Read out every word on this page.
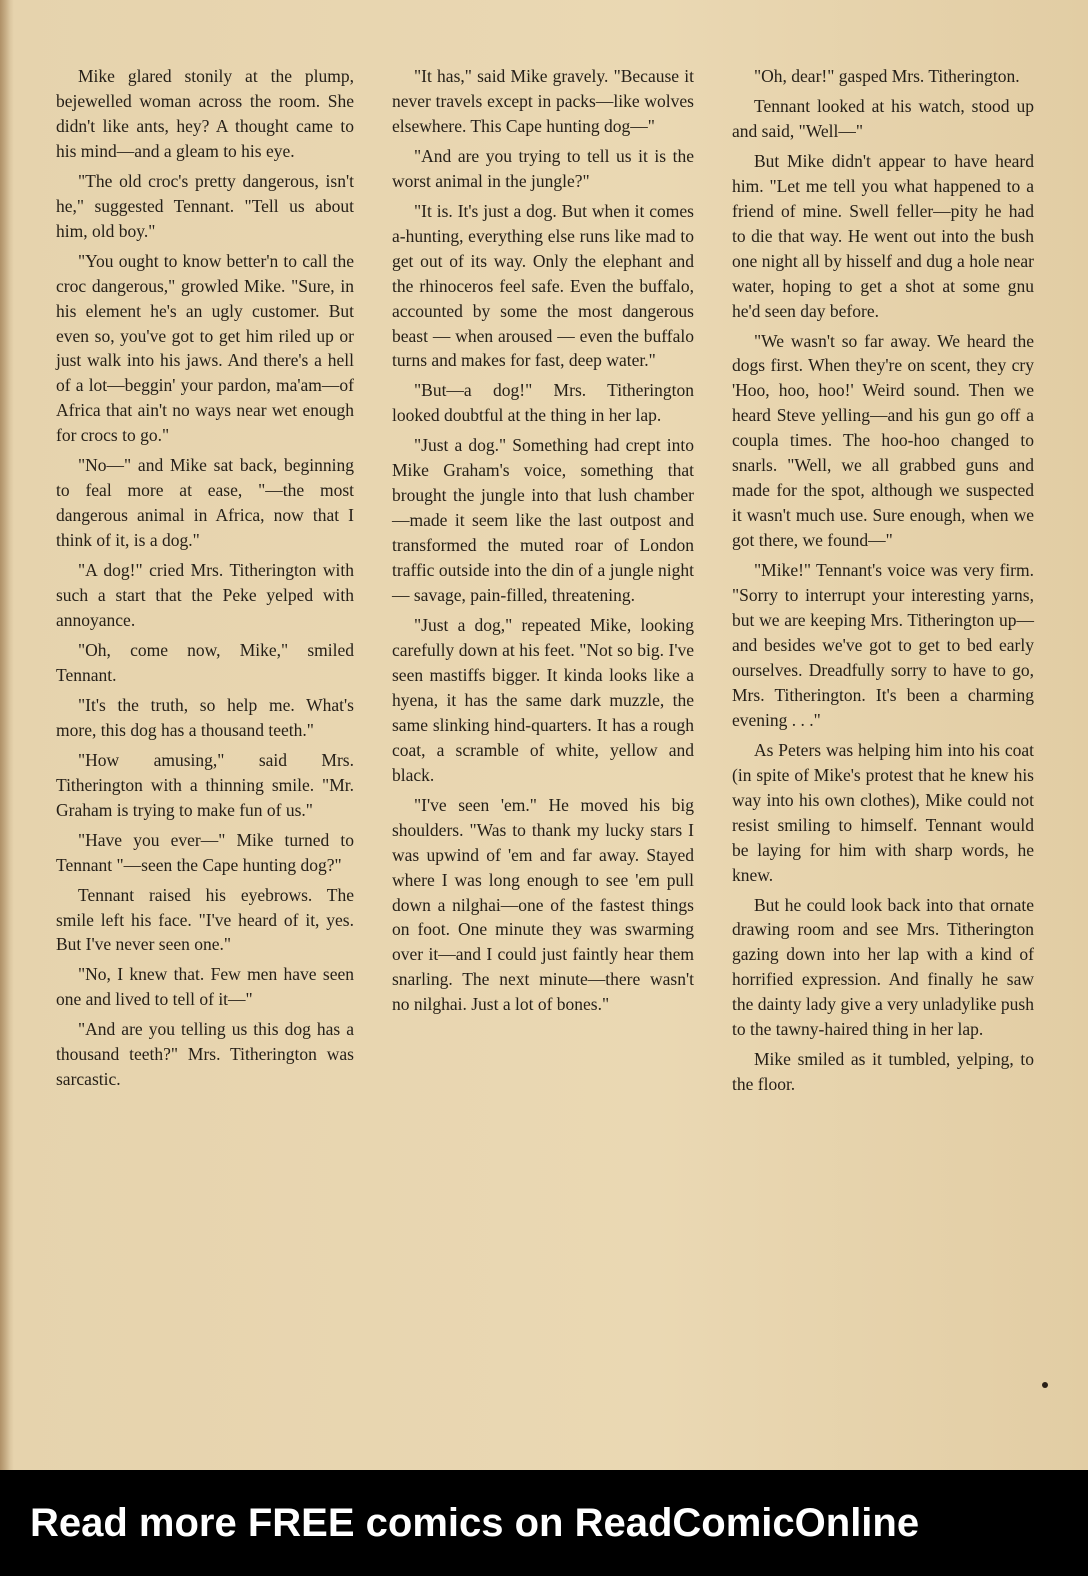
Mike glared stonily at the plump, bejewelled woman across the room. She didn't like ants, hey? A thought came to his mind—and a gleam to his eye.

"The old croc's pretty dangerous, isn't he," suggested Tennant. "Tell us about him, old boy."

"You ought to know better'n to call the croc dangerous," growled Mike. "Sure, in his element he's an ugly customer. But even so, you've got to get him riled up or just walk into his jaws. And there's a hell of a lot—beggin' your pardon, ma'am—of Africa that ain't no ways near wet enough for crocs to go."

"No—" and Mike sat back, beginning to feal more at ease, "—the most dangerous animal in Africa, now that I think of it, is a dog."

"A dog!" cried Mrs. Titherington with such a start that the Peke yelped with annoyance.

"Oh, come now, Mike," smiled Tennant.

"It's the truth, so help me. What's more, this dog has a thousand teeth."

"How amusing," said Mrs. Titherington with a thinning smile. "Mr. Graham is trying to make fun of us."

"Have you ever—" Mike turned to Tennant "—seen the Cape hunting dog?"

Tennant raised his eyebrows. The smile left his face. "I've heard of it, yes. But I've never seen one."

"No, I knew that. Few men have seen one and lived to tell of it—"

"And are you telling us this dog has a thousand teeth?" Mrs. Titherington was sarcastic.

"It has," said Mike gravely. "Because it never travels except in packs—like wolves elsewhere. This Cape hunting dog—"

"And are you trying to tell us it is the worst animal in the jungle?"

"It is. It's just a dog. But when it comes a-hunting, everything else runs like mad to get out of its way. Only the elephant and the rhinoceros feel safe. Even the buffalo, accounted by some the most dangerous beast — when aroused — even the buffalo turns and makes for fast, deep water."

"But—a dog!" Mrs. Titherington looked doubtful at the thing in her lap.

"Just a dog." Something had crept into Mike Graham's voice, something that brought the jungle into that lush chamber—made it seem like the last outpost and transformed the muted roar of London traffic outside into the din of a jungle night — savage, pain-filled, threatening.

"Just a dog," repeated Mike, looking carefully down at his feet. "Not so big. I've seen mastiffs bigger. It kinda looks like a hyena, it has the same dark muzzle, the same slinking hind-quarters. It has a rough coat, a scramble of white, yellow and black.

"I've seen 'em." He moved his big shoulders. "Was to thank my lucky stars I was upwind of 'em and far away. Stayed where I was long enough to see 'em pull down a nilghai—one of the fastest things on foot. One minute they was swarming over it—and I could just faintly hear them snarling. The next minute—there wasn't no nilghai. Just a lot of bones."

"Oh, dear!" gasped Mrs. Titherington.

Tennant looked at his watch, stood up and said, "Well—"

But Mike didn't appear to have heard him. "Let me tell you what happened to a friend of mine. Swell feller—pity he had to die that way. He went out into the bush one night all by hisself and dug a hole near water, hoping to get a shot at some gnu he'd seen day before.

"We wasn't so far away. We heard the dogs first. When they're on scent, they cry 'Hoo, hoo, hoo!' Weird sound. Then we heard Steve yelling—and his gun go off a coupla times. The hoo-hoo changed to snarls. "Well, we all grabbed guns and made for the spot, although we suspected it wasn't much use. Sure enough, when we got there, we found—"

"Mike!" Tennant's voice was very firm. "Sorry to interrupt your interesting yarns, but we are keeping Mrs. Titherington up—and besides we've got to get to bed early ourselves. Dreadfully sorry to have to go, Mrs. Titherington. It's been a charming evening . . ."

As Peters was helping him into his coat (in spite of Mike's protest that he knew his way into his own clothes), Mike could not resist smiling to himself. Tennant would be laying for him with sharp words, he knew.

But he could look back into that ornate drawing room and see Mrs. Titherington gazing down into her lap with a kind of horrified expression. And finally he saw the dainty lady give a very unladylike push to the tawny-haired thing in her lap.

Mike smiled as it tumbled, yelping, to the floor.

Read more FREE comics on ReadComicOnline
